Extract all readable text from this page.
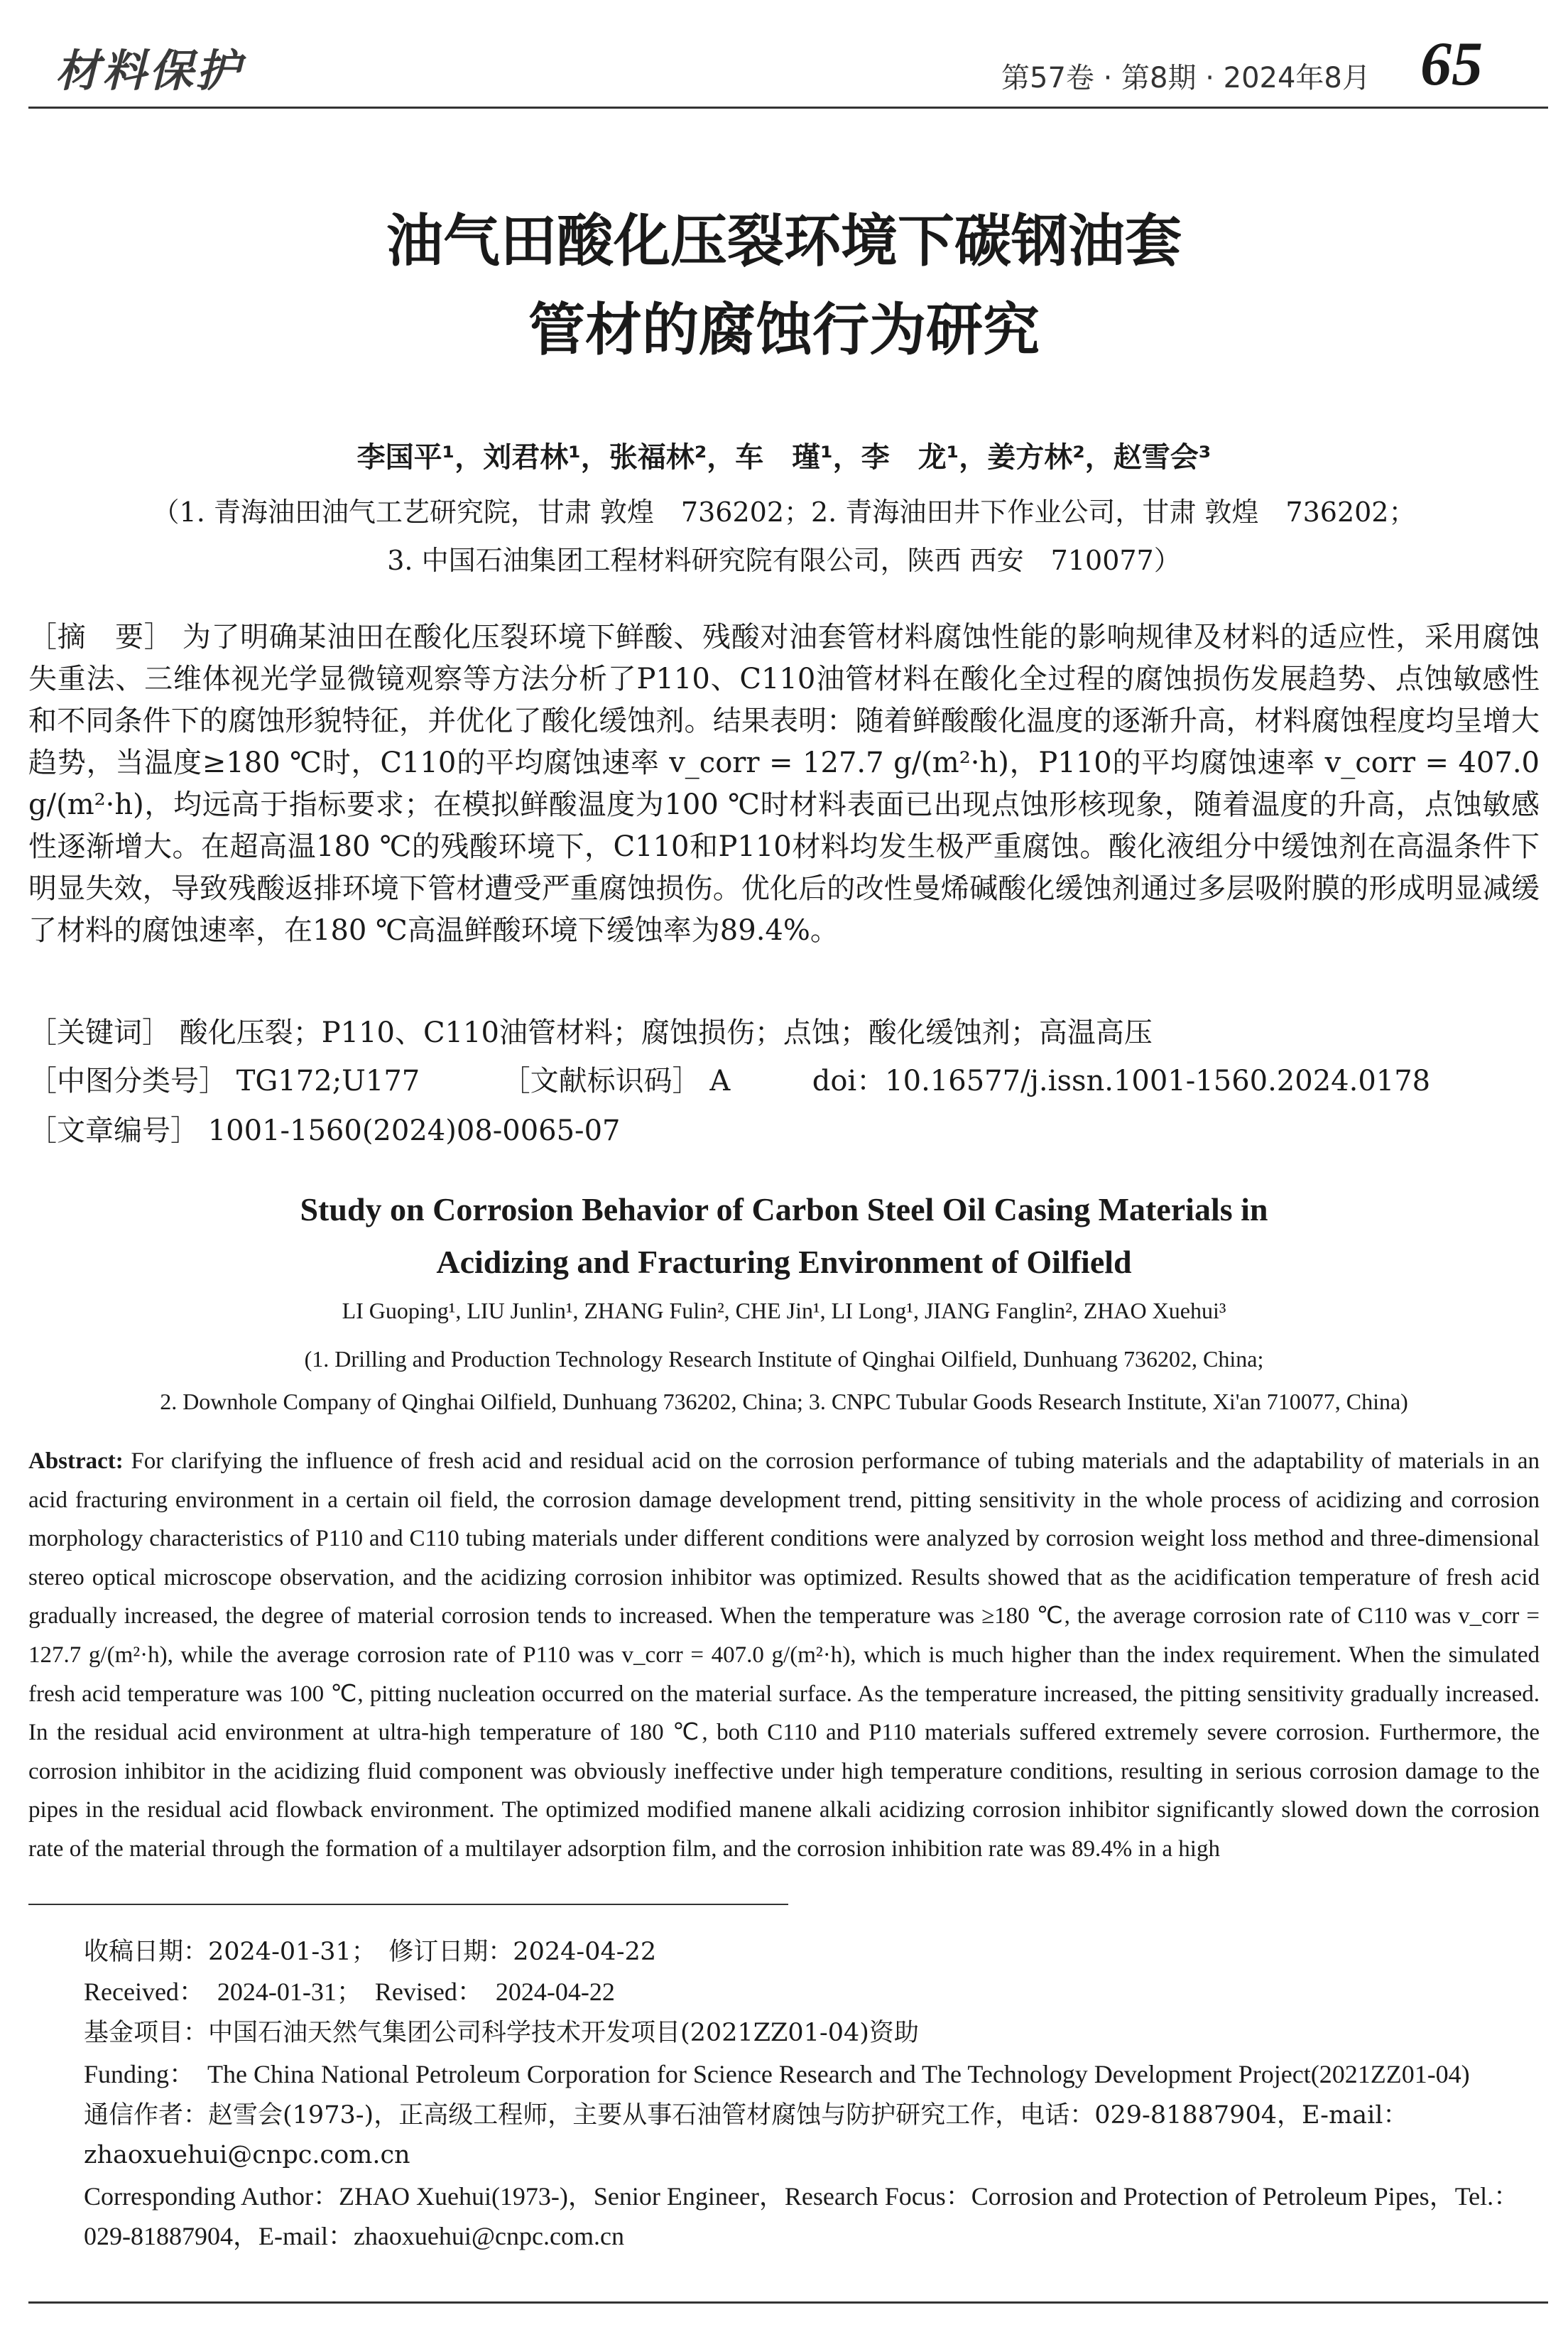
材料保护	第57卷 · 第8期 · 2024年8月 65
油气田酸化压裂环境下碳钢油套
管材的腐蚀行为研究
李国平¹，刘君林¹，张福林²，车　瑾¹，李　龙¹，姜方林²，赵雪会³
（1. 青海油田油气工艺研究院，甘肃 敦煌　736202；2. 青海油田井下作业公司，甘肃 敦煌　736202；
3. 中国石油集团工程材料研究院有限公司，陕西 西安　710077）
［摘　要］ 为了明确某油田在酸化压裂环境下鲜酸、残酸对油套管材料腐蚀性能的影响规律及材料的适应性，采用腐蚀失重法、三维体视光学显微镜观察等方法分析了P110、C110油管材料在酸化全过程的腐蚀损伤发展趋势、点蚀敏感性和不同条件下的腐蚀形貌特征，并优化了酸化缓蚀剂。结果表明：随着鲜酸酸化温度的逐渐升高，材料腐蚀程度均呈增大趋势，当温度≥180 ℃时，C110的平均腐蚀速率 v_corr = 127.7 g/(m²·h)，P110的平均腐蚀速率 v_corr = 407.0 g/(m²·h)，均远高于指标要求；在模拟鲜酸温度为100 ℃时材料表面已出现点蚀形核现象，随着温度的升高，点蚀敏感性逐渐增大。在超高温180 ℃的残酸环境下，C110和P110材料均发生极严重腐蚀。酸化液组分中缓蚀剂在高温条件下明显失效，导致残酸返排环境下管材遭受严重腐蚀损伤。优化后的改性曼烯碱酸化缓蚀剂通过多层吸附膜的形成明显减缓了材料的腐蚀速率，在180 ℃高温鲜酸环境下缓蚀率为89.4%。
［关键词］ 酸化压裂；P110、C110油管材料；腐蚀损伤；点蚀；酸化缓蚀剂；高温高压
［中图分类号］ TG172;U177	［文献标识码］ A	doi：10.16577/j.issn.1001-1560.2024.0178
［文章编号］ 1001-1560(2024)08-0065-07
Study on Corrosion Behavior of Carbon Steel Oil Casing Materials in
Acidizing and Fracturing Environment of Oilfield
LI Guoping¹, LIU Junlin¹, ZHANG Fulin², CHE Jin¹, LI Long¹, JIANG Fanglin², ZHAO Xuehui³
(1. Drilling and Production Technology Research Institute of Qinghai Oilfield, Dunhuang 736202, China;
2. Downhole Company of Qinghai Oilfield, Dunhuang 736202, China; 3. CNPC Tubular Goods Research Institute, Xi'an 710077, China)
Abstract: For clarifying the influence of fresh acid and residual acid on the corrosion performance of tubing materials and the adaptability of materials in an acid fracturing environment in a certain oil field, the corrosion damage development trend, pitting sensitivity in the whole process of acidizing and corrosion morphology characteristics of P110 and C110 tubing materials under different conditions were analyzed by corrosion weight loss method and three-dimensional stereo optical microscope observation, and the acidizing corrosion inhibitor was optimized. Results showed that as the acidification temperature of fresh acid gradually increased, the degree of material corrosion tends to increased. When the temperature was ≥180 ℃, the average corrosion rate of C110 was v_corr = 127.7 g/(m²·h), while the average corrosion rate of P110 was v_corr = 407.0 g/(m²·h), which is much higher than the index requirement. When the simulated fresh acid temperature was 100 ℃, pitting nucleation occurred on the material surface. As the temperature increased, the pitting sensitivity gradually increased. In the residual acid environment at ultra-high temperature of 180 ℃, both C110 and P110 materials suffered extremely severe corrosion. Furthermore, the corrosion inhibitor in the acidizing fluid component was obviously ineffective under high temperature conditions, resulting in serious corrosion damage to the pipes in the residual acid flowback environment. The optimized modified manene alkali acidizing corrosion inhibitor significantly slowed down the corrosion rate of the material through the formation of a multilayer adsorption film, and the corrosion inhibition rate was 89.4% in a high
收稿日期：2024-01-31；　修订日期：2024-04-22
Received：　2024-01-31；　Revised：　2024-04-22
基金项目：中国石油天然气集团公司科学技术开发项目(2021ZZ01-04)资助
Funding：　The China National Petroleum Corporation for Science Research and The Technology Development Project(2021ZZ01-04)
通信作者：赵雪会(1973-)，正高级工程师，主要从事石油管材腐蚀与防护研究工作，电话：029-81887904，E-mail：zhaoxuehui@cnpc.com.cn
Corresponding Author：ZHAO Xuehui(1973-)，Senior Engineer，Research Focus：Corrosion and Protection of Petroleum Pipes，Tel.：029-81887904，E-mail：zhaoxuehui@cnpc.com.cn
